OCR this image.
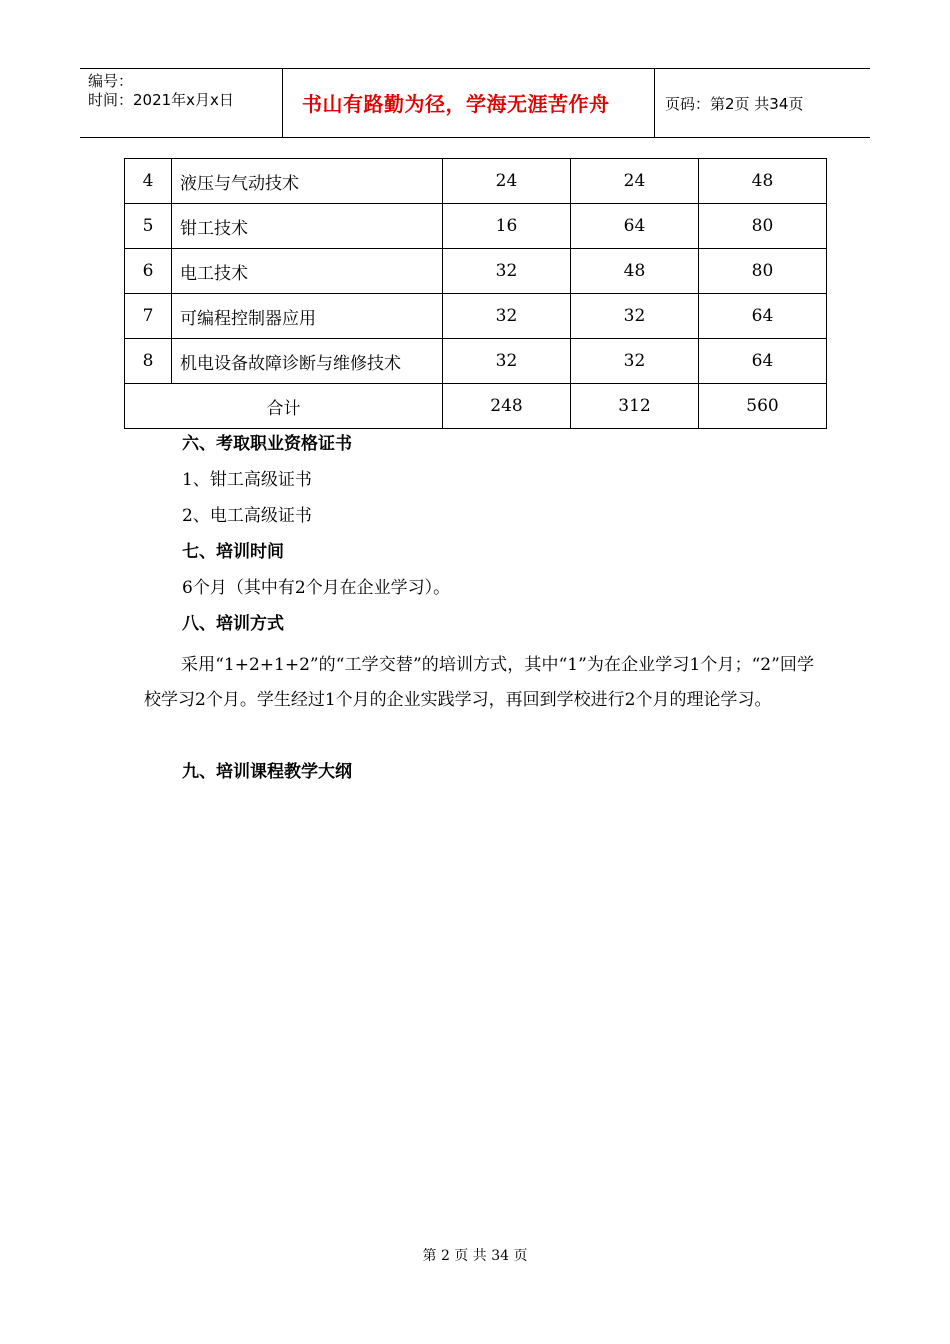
编号：
时间：2021年x月x日	书山有路勤为径，学海无涯苦作舟	页码：第2页 共34页
4	液压与气动技术	24	24	48
5	钳工技术	16	64	80
6	电工技术	32	48	80
7	可编程控制器应用	32	32	64
8	机电设备故障诊断与维修技术	32	32	64
合计		248	312	560
六、考取职业资格证书
1、钳工高级证书
2、电工高级证书
七、培训时间
6个月（其中有2个月在企业学习）。
八、培训方式
采用“1+2+1+2”的“工学交替”的培训方式，其中“1”为在企业学习1个月；“2”回学校学习2个月。学生经过1个月的企业实践学习，再回到学校进行2个月的理论学习。
九、培训课程教学大纲
第 2 页 共 34 页
